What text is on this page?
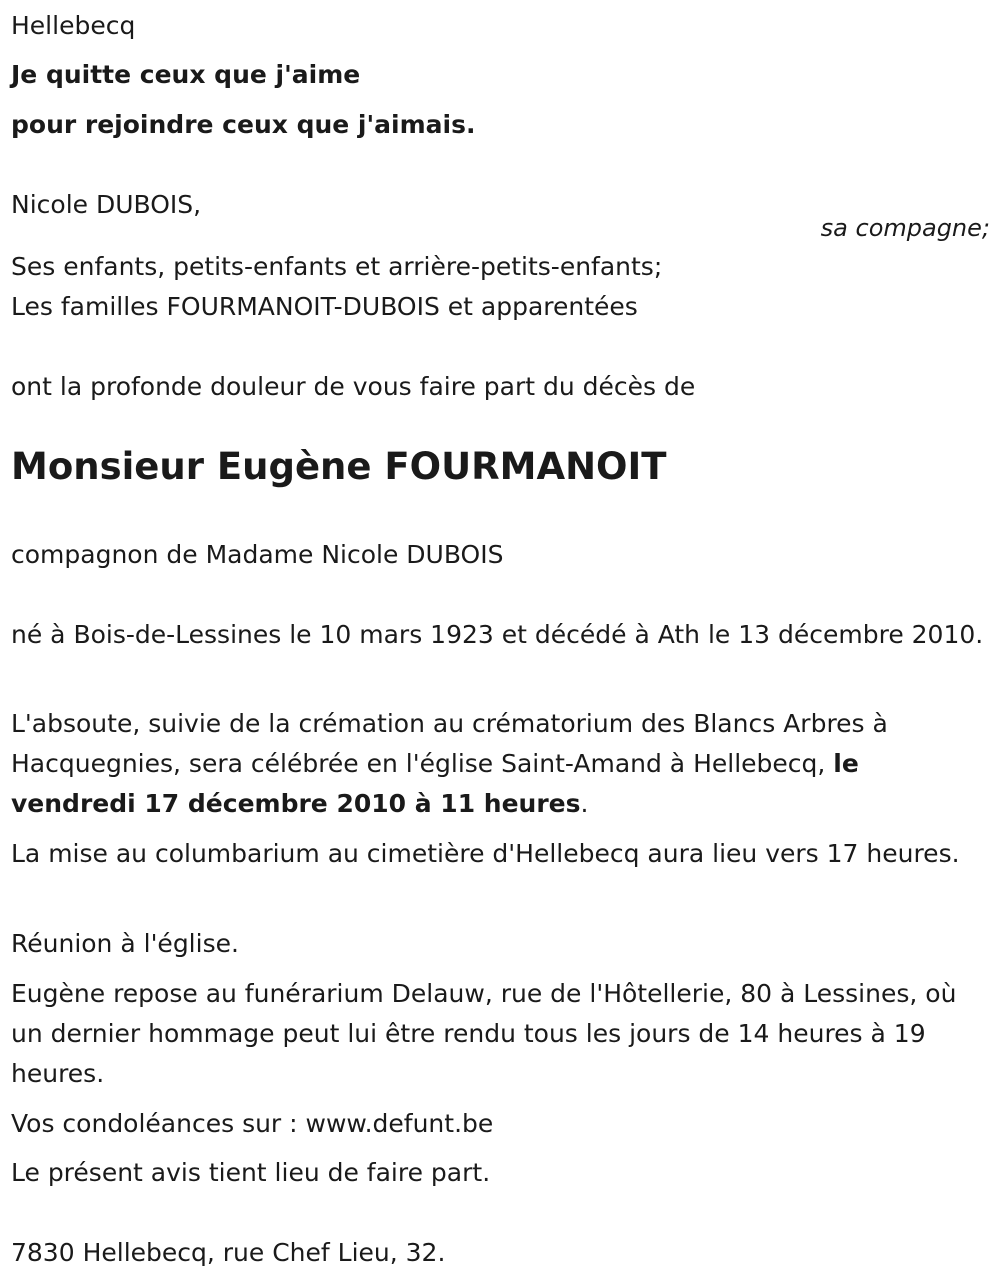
Hellebecq

Je quitte ceux que j'aime

pour rejoindre ceux que j'aimais.

Nicole DUBOIS,

sa compagne;

Ses enfants, petits-enfants et arrière-petits-enfants;

Les familles FOURMANOIT-DUBOIS et apparentées

ont la profonde douleur de vous faire part du décès de

Monsieur Eugène FOURMANOIT

compagnon de Madame Nicole DUBOIS

né à Bois-de-Lessines le 10 mars 1923 et décédé à Ath le 13 décembre 2010.

L'absoute, suivie de la crémation au crématorium des Blancs Arbres à Hacquegnies, sera célébrée en l'église Saint-Amand à Hellebecq, le vendredi 17 décembre 2010 à 11 heures.

La mise au columbarium au cimetière d'Hellebecq aura lieu vers 17 heures.

Réunion à l'église.

Eugène repose au funérarium Delauw, rue de l'Hôtellerie, 80 à Lessines, où un dernier hommage peut lui être rendu tous les jours de 14 heures à 19 heures.

Vos condoléances sur : www.defunt.be

Le présent avis tient lieu de faire part.

7830 Hellebecq, rue Chef Lieu, 32.
